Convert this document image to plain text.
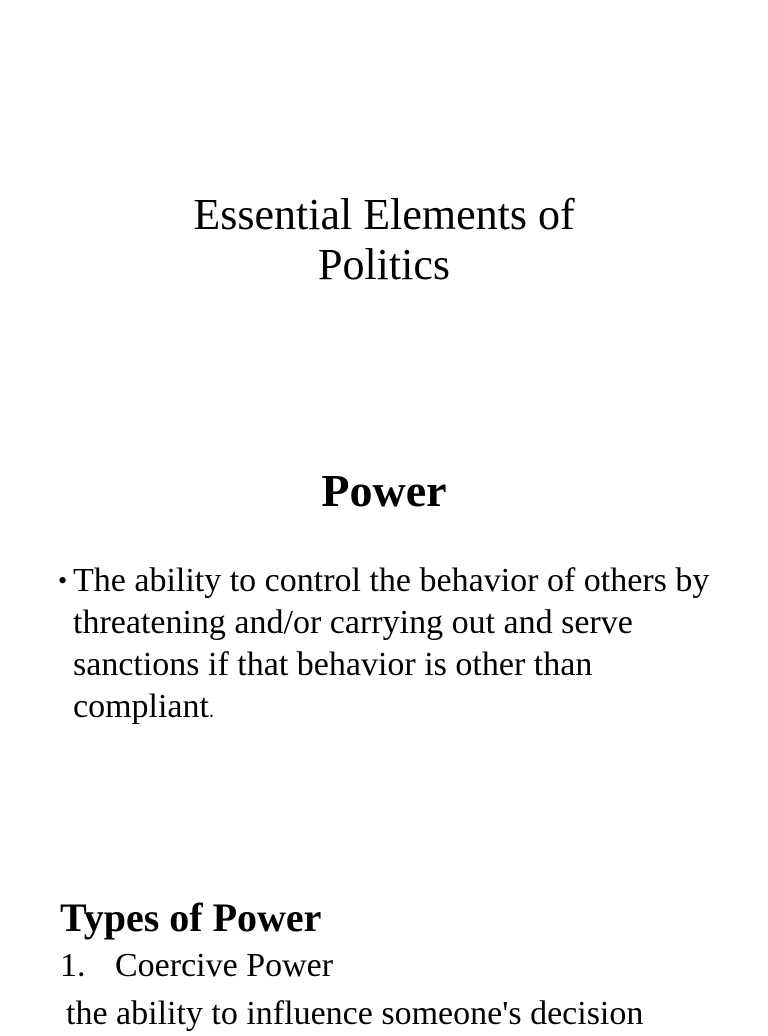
Essential Elements of
Politics
Power

• The ability to control the behavior of others by threatening and/or carrying out and serve sanctions if that behavior is other than compliant.

Types of Power

1. Coercive Power

the ability to influence someone's decision
